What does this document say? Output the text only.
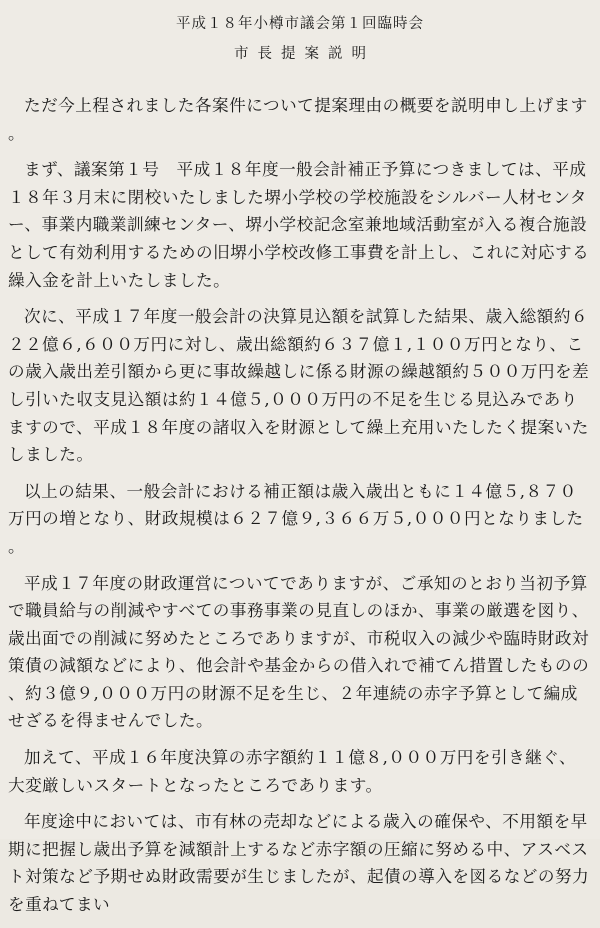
平成１８年小樽市議会第１回臨時会
市長提案説明

ただ今上程されました各案件について提案理由の概要を説明申し上げます。

まず、議案第１号　平成１８年度一般会計補正予算につきましては、平成１８年３月末に閉校いたしました堺小学校の学校施設をシルバー人材センター、事業内職業訓練センター、堺小学校記念室兼地域活動室が入る複合施設として有効利用するための旧堺小学校改修工事費を計上し、これに対応する繰入金を計上いたしました。

次に、平成１７年度一般会計の決算見込額を試算した結果、歳入総額約６２２億６,６００万円に対し、歳出総額約６３７億１,１００万円となり、この歳入歳出差引額から更に事故繰越しに係る財源の繰越額約５００万円を差し引いた収支見込額は約１４億５,０００万円の不足を生じる見込みでありますので、平成１８年度の諸収入を財源として繰上充用いたしたく提案いたしました。

以上の結果、一般会計における補正額は歳入歳出ともに１４億５,８７０万円の増となり、財政規模は６２７億９,３６６万５,０００円となりました。

平成１７年度の財政運営についてでありますが、ご承知のとおり当初予算で職員給与の削減やすべての事務事業の見直しのほか、事業の厳選を図り、歳出面での削減に努めたところでありますが、市税収入の減少や臨時財政対策債の減額などにより、他会計や基金からの借入れで補てん措置したものの、約３億９,０００万円の財源不足を生じ、２年連続の赤字予算として編成せざるを得ませんでした。

加えて、平成１６年度決算の赤字額約１１億８,０００万円を引き継ぐ、大変厳しいスタートとなったところであります。

年度途中においては、市有林の売却などによる歳入の確保や、不用額を早期に把握し歳出予算を減額計上するなど赤字額の圧縮に努める中、アスベスト対策など予期せぬ財政需要が生じましたが、起債の導入を図るなどの努力を重ねてまい
